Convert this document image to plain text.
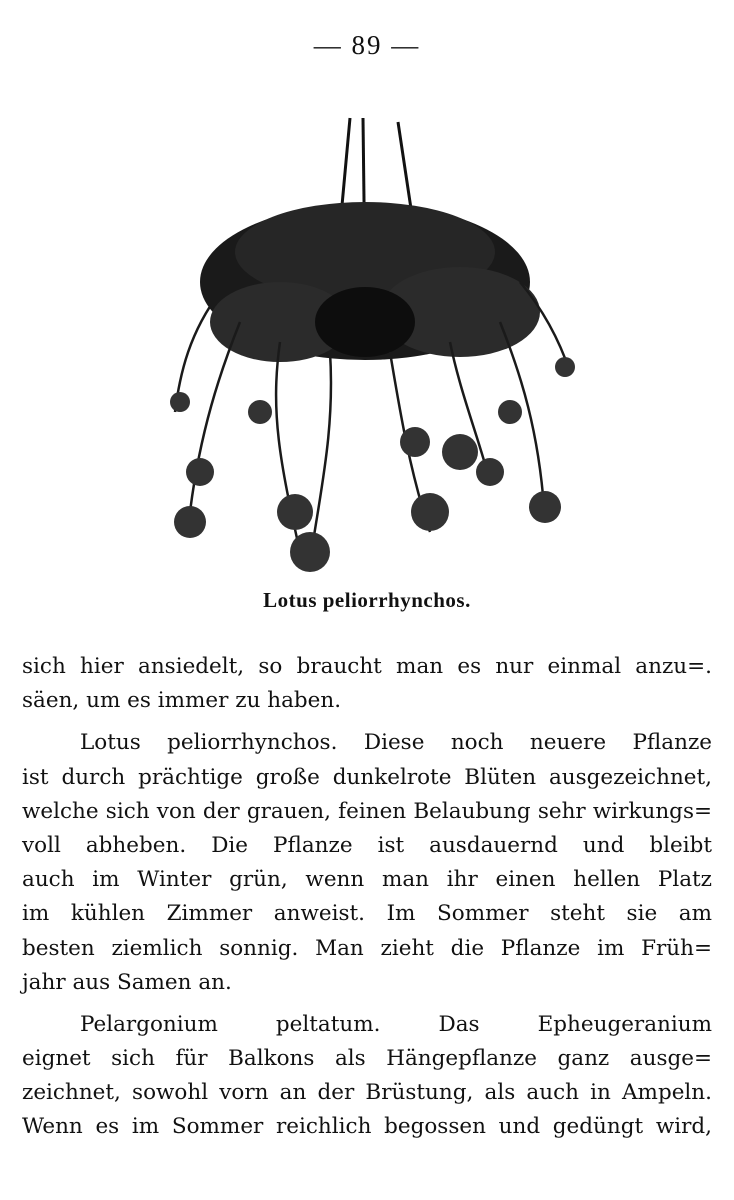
— 89 —
Lotus peliorrhynchos.
sich hier ansiedelt, so braucht man es nur einmal anzu=.
säen, um es immer zu haben.
Lotus peliorrhynchos. Diese noch neuere Pflanze
ist durch prächtige große dunkelrote Blüten ausgezeichnet,
welche sich von der grauen, feinen Belaubung sehr wirkungs=
voll abheben. Die Pflanze ist ausdauernd und bleibt
auch im Winter grün, wenn man ihr einen hellen Platz
im kühlen Zimmer anweist. Im Sommer steht sie am
besten ziemlich sonnig. Man zieht die Pflanze im Früh=
jahr aus Samen an.
Pelargonium peltatum. Das Epheugeranium
eignet sich für Balkons als Hängepflanze ganz ausge=
zeichnet, sowohl vorn an der Brüstung, als auch in Ampeln.
Wenn es im Sommer reichlich begossen und gedüngt wird,
